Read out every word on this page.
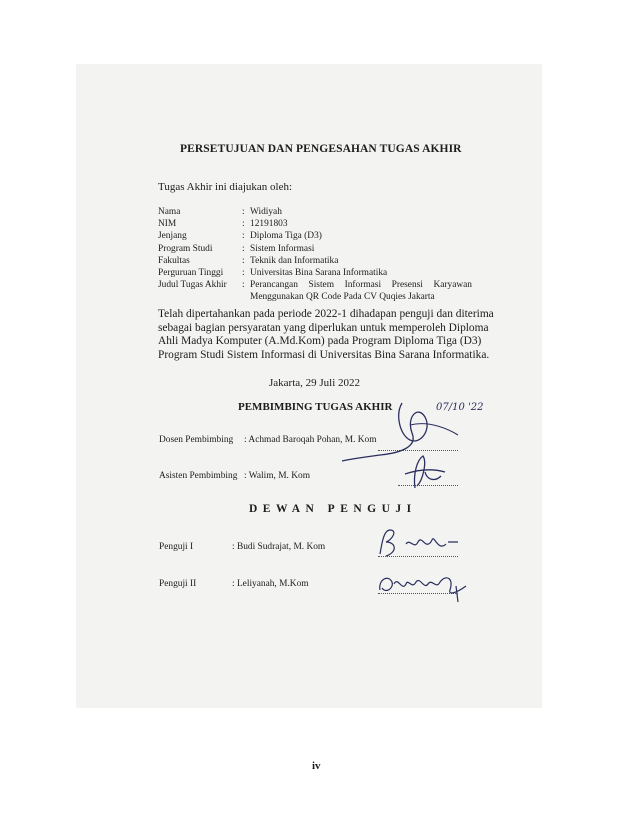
PERSETUJUAN DAN PENGESAHAN TUGAS AKHIR
Tugas Akhir ini diajukan oleh:
Nama	: Widiyah
NIM	: 12191803
Jenjang	: Diploma Tiga (D3)
Program Studi	: Sistem Informasi
Fakultas	: Teknik dan Informatika
Perguruan Tinggi	: Universitas Bina Sarana Informatika
Judul Tugas Akhir	: Perancangan Sistem Informasi Presensi Karyawan
Menggunakan QR Code Pada CV Quqies Jakarta
Telah dipertahankan pada periode 2022-1 dihadapan penguji dan diterima
sebagai bagian persyaratan yang diperlukan untuk memperoleh Diploma
Ahli Madya Komputer (A.Md.Kom) pada Program Diploma Tiga (D3)
Program Studi Sistem Informasi di Universitas Bina Sarana Informatika.
Jakarta, 29 Juli 2022
PEMBIMBING TUGAS AKHIR
Dosen Pembimbing : Achmad Baroqah Pohan, M. Kom
07/10 '22
Asisten Pembimbing : Walim, M. Kom
DEWAN PENGUJI
Penguji I	: Budi Sudrajat, M. Kom
Penguji II	: Leliyanah, M.Kom
iv
